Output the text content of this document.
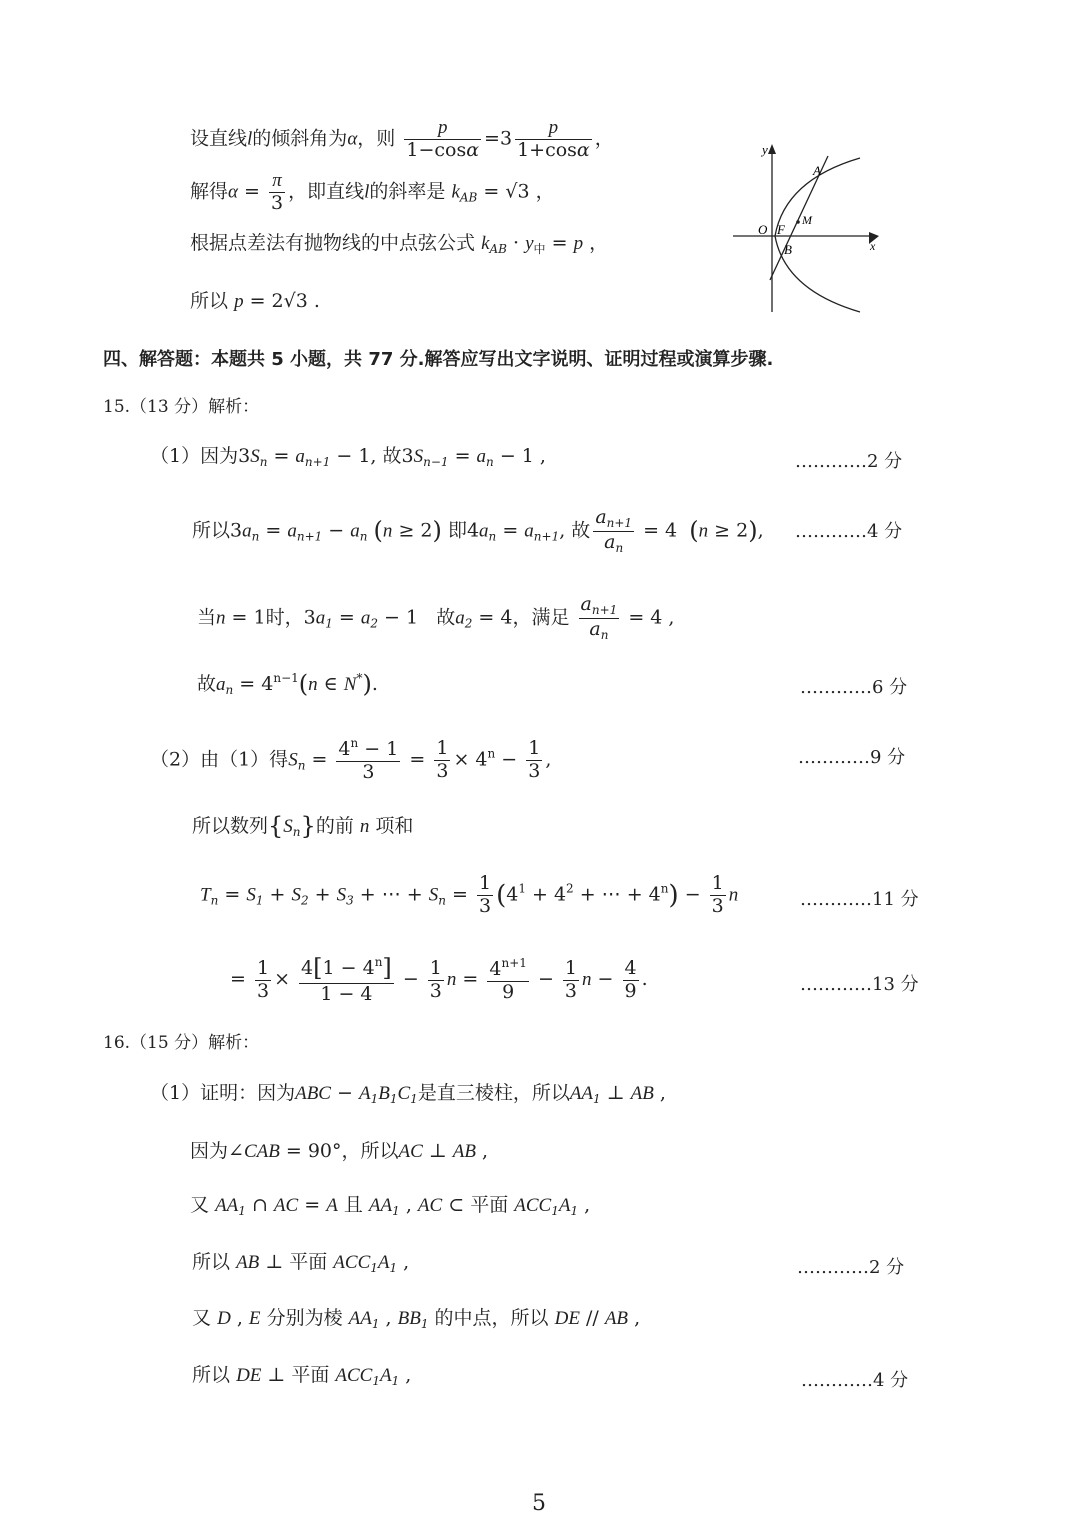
设直线l的倾斜角为α，则 $\frac{p}{1-\cos\alpha} =3 \frac{p}{1+\cos\alpha}$ ，
解得$\alpha = \frac{\pi}{3}$ ，即直线l的斜率是 $k_{AB} = √3$ ，
根据点差法有抛物线的中点弦公式 $k_{AB} \cdot y_中 = p$ ，
所以 p = 2√3 .
y
x
A
M
O F
B
四、解答题：本题共 5 小题，共 77 分.解答应写出文字说明、证明过程或演算步骤.
15.（13 分）解析：
（1）因为$3S_n = a_{n+1} - 1$, 故$3S_{n-1} = a_n - 1$ ,	…………2 分
所以$3a_n = a_{n+1} - a_n$ (n ≥ 2) 即$4a_n = a_{n+1}$, 故 $\frac{a_{n+1}}{a_n} = 4$  (n ≥ 2), …………4 分
当n = 1时，$3a_1 = a_2 - 1$   故$a_2 = 4$，满足 $\frac{a_{n+1}}{a_n} = 4$ ,
故$a_n = 4^{n-1}(n$ ∈ N*).	…………6 分
（2）由（1）得$S_n = \frac{4^n - 1}{3} = \frac{1}{3} \times 4^n - \frac{1}{3}$ ,	…………9 分
所以数列$\{S_n\}$的前 n 项和
$T_n = S_1 + S_2 + S_3$ + ⋯ + $S_n = \frac{1}{3} (4^1 + 4^2$ + ⋯ + $4^n) - \frac{1}{3}$ n	…………11 分
= $\frac{1}{3} \times \frac{4[1 - 4^n]}{1 - 4} - \frac{1}{3}$ $n = \frac{4^{n+1}}{9} - \frac{1}{3}$ $n - \frac{4}{9}$ .	…………13 分
16.（15 分）解析：
（1）证明：因为ABC − $A_1B_1C_1$是直三棱柱，所以$AA_1$ ⊥ AB ,
因为∠CAB = 90°，所以AC ⊥ AB ,
又 $AA_1$ ∩ AC = A 且 $AA_1$ , AC ⊂ 平面 $ACC_1A_1$ ,
所以 AB ⊥ 平面 $ACC_1A_1$ ,	…………2 分
又 D , E 分别为棱 $AA_1$ , $BB_1$ 的中点，所以 DE // AB ,
所以 DE ⊥ 平面 $ACC_1A_1$ ,	…………4 分
5
